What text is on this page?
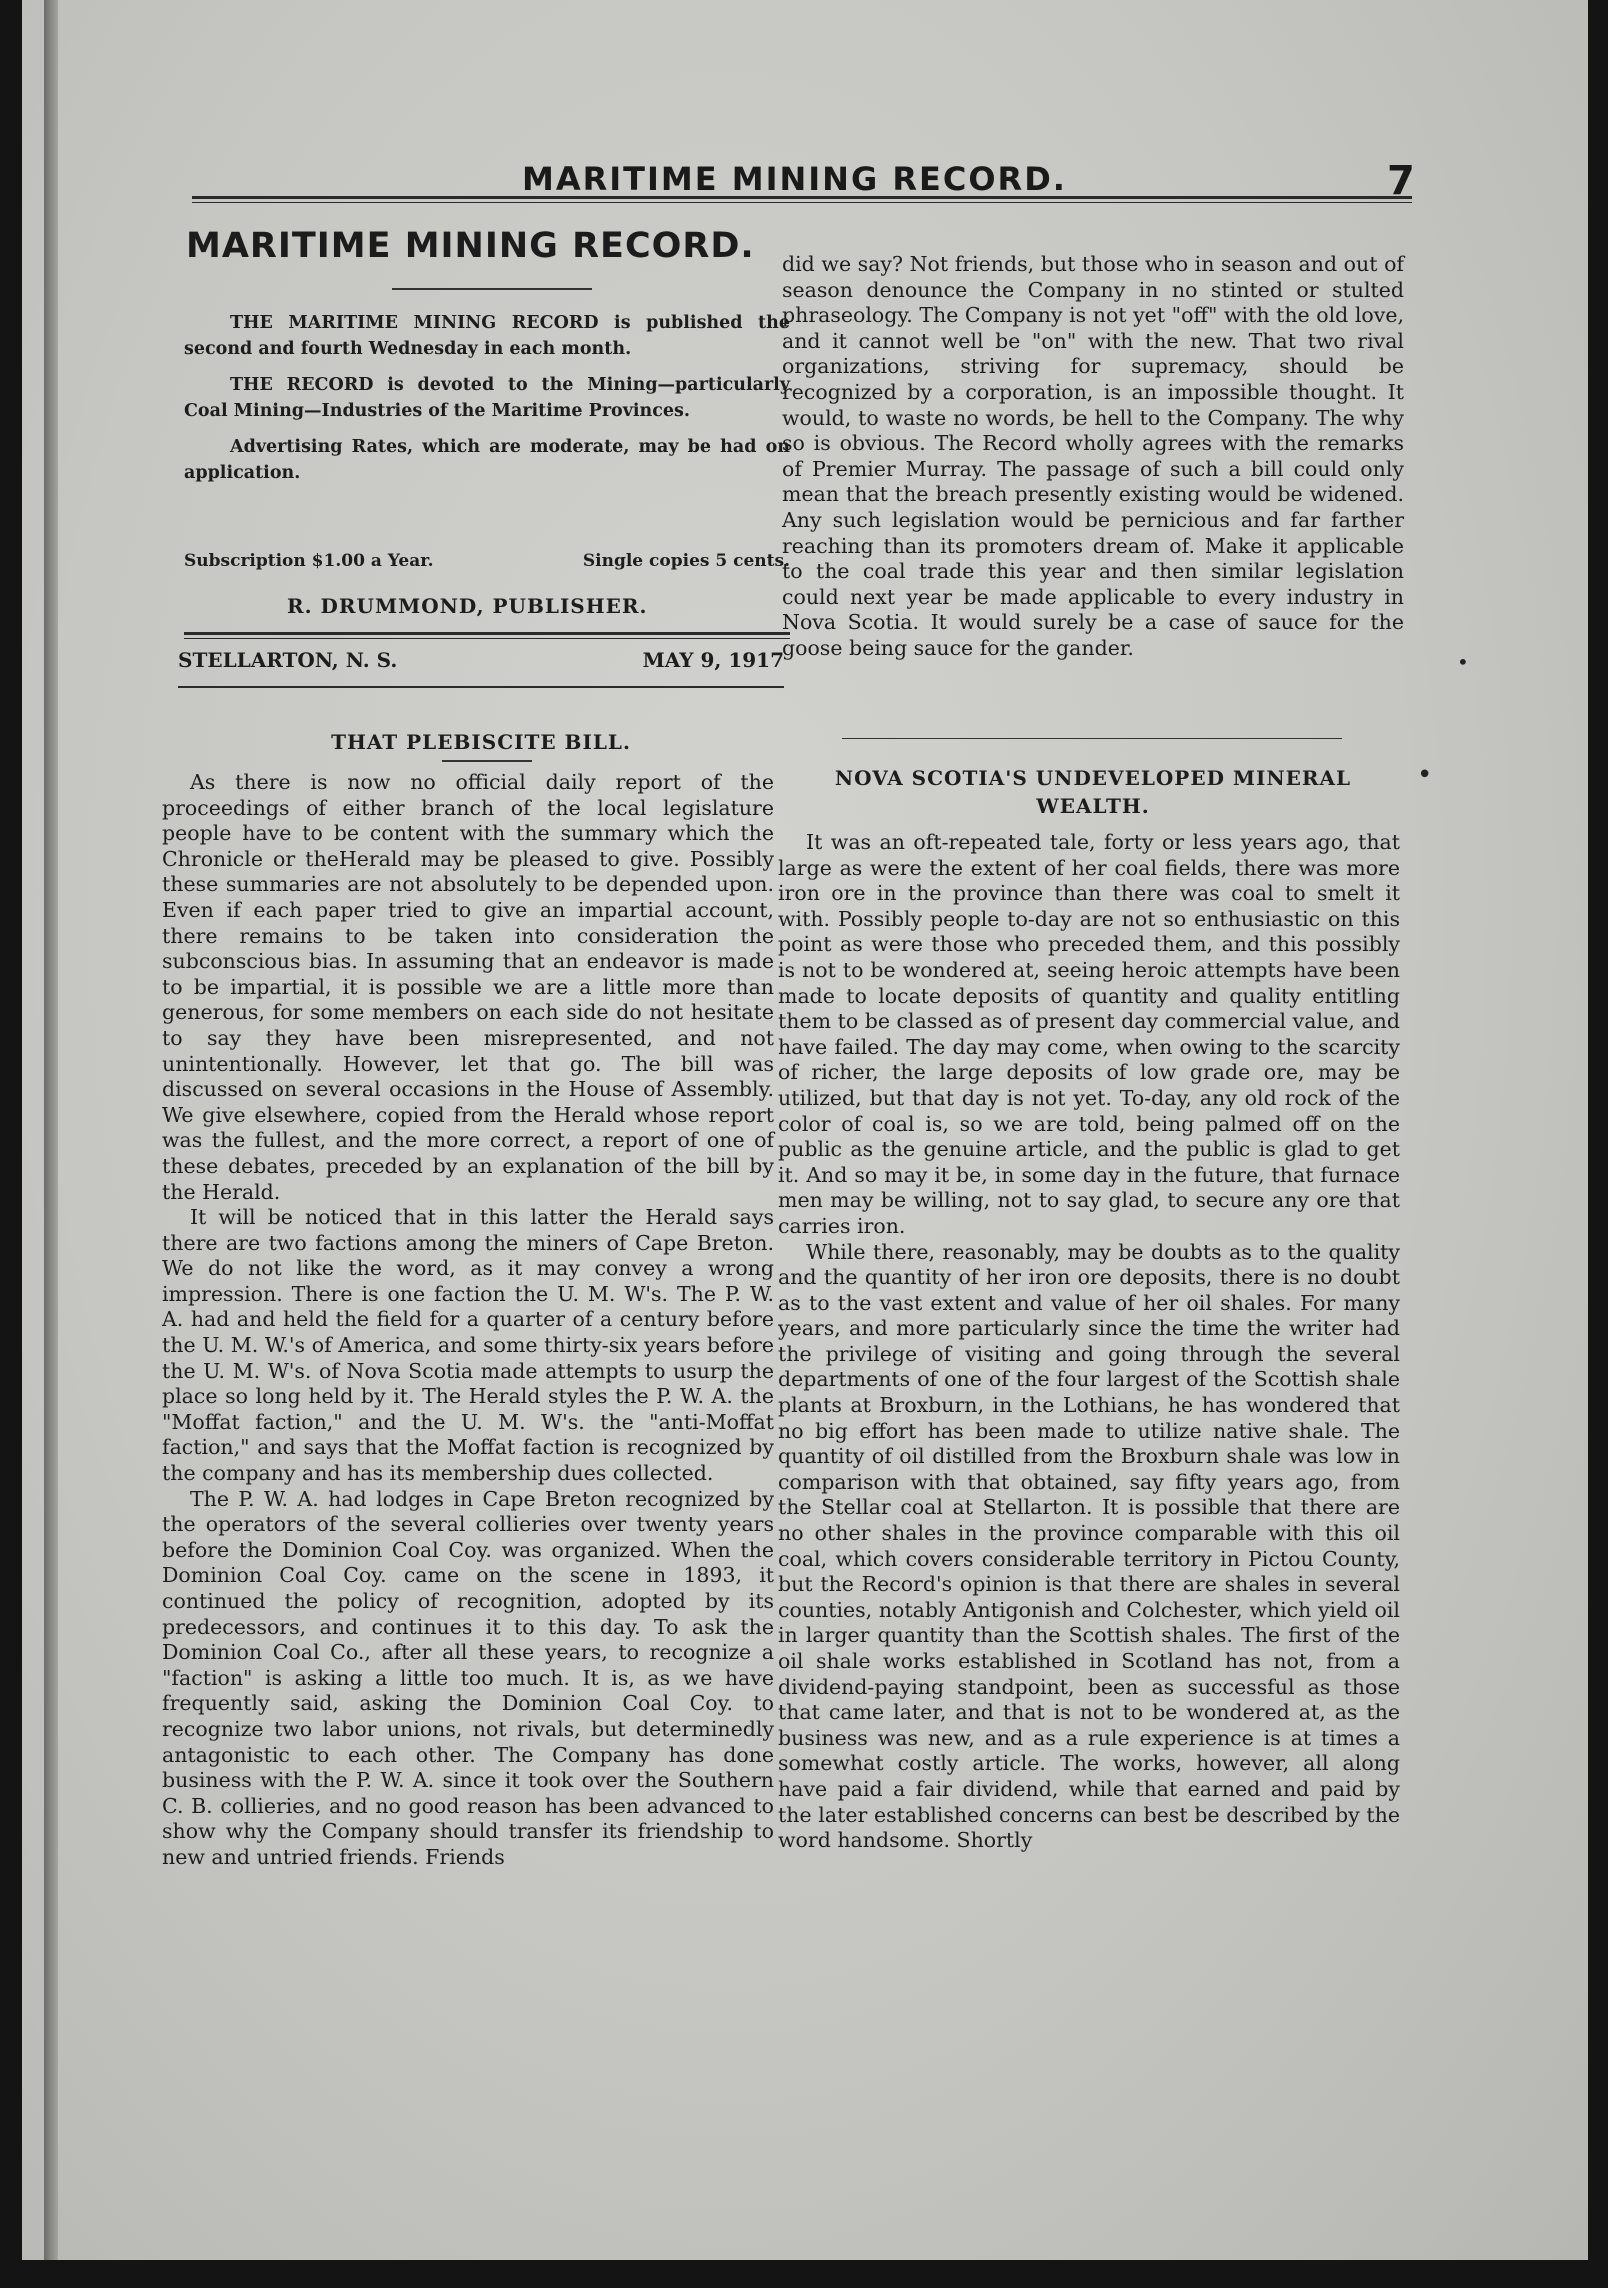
MARITIME MINING RECORD.	7
MARITIME MINING RECORD.

THE MARITIME MINING RECORD is published the second and fourth Wednesday in each month.

THE RECORD is devoted to the Mining—particularly Coal Mining—Industries of the Maritime Provinces.

Advertising Rates, which are moderate, may be had on application.

Subscription $1.00 a Year.	Single copies 5 cents.
R. DRUMMOND, PUBLISHER.
STELLARTON, N. S.	MAY 9, 1917
THAT PLEBISCITE BILL.

As there is now no official daily report of the proceedings of either branch of the local legislature people have to be content with the summary which the Chronicle or theHerald may be pleased to give. Possibly these summaries are not absolutely to be depended upon. Even if each paper tried to give an impartial account, there remains to be taken into consideration the subconscious bias. In assuming that an endeavor is made to be impartial, it is possible we are a little more than generous, for some members on each side do not hesitate to say they have been misrepresented, and not unintentionally. However, let that go. The bill was discussed on several occasions in the House of Assembly. We give elsewhere, copied from the Herald whose report was the fullest, and the more correct, a report of one of these debates, preceded by an explanation of the bill by the Herald.

It will be noticed that in this latter the Herald says there are two factions among the miners of Cape Breton. We do not like the word, as it may convey a wrong impression. There is one faction the U. M. W's. The P. W. A. had and held the field for a quarter of a century before the U. M. W.'s of America, and some thirty-six years before the U. M. W's. of Nova Scotia made attempts to usurp the place so long held by it. The Herald styles the P. W. A. the "Moffat faction," and the U. M. W's. the "anti-Moffat faction," and says that the Moffat faction is recognized by the company and has its membership dues collected.

The P. W. A. had lodges in Cape Breton recognized by the operators of the several collieries over twenty years before the Dominion Coal Coy. was organized. When the Dominion Coal Coy. came on the scene in 1893, it continued the policy of recognition, adopted by its predecessors, and continues it to this day. To ask the Dominion Coal Co., after all these years, to recognize a "faction" is asking a little too much. It is, as we have frequently said, asking the Dominion Coal Coy. to recognize two labor unions, not rivals, but determinedly antagonistic to each other. The Company has done business with the P. W. A. since it took over the Southern C. B. collieries, and no good reason has been advanced to show why the Company should transfer its friendship to new and untried friends. Friends

did we say? Not friends, but those who in season and out of season denounce the Company in no stinted or stulted phraseology. The Company is not yet "off" with the old love, and it cannot well be "on" with the new. That two rival organizations, striving for supremacy, should be recognized by a corporation, is an impossible thought. It would, to waste no words, be hell to the Company. The why so is obvious. The Record wholly agrees with the remarks of Premier Murray. The passage of such a bill could only mean that the breach presently existing would be widened. Any such legislation would be pernicious and far farther reaching than its promoters dream of. Make it applicable to the coal trade this year and then similar legislation could next year be made applicable to every industry in Nova Scotia. It would surely be a case of sauce for the goose being sauce for the gander.

NOVA SCOTIA'S UNDEVELOPED MINERAL
WEALTH.

It was an oft-repeated tale, forty or less years ago, that large as were the extent of her coal fields, there was more iron ore in the province than there was coal to smelt it with. Possibly people to-day are not so enthusiastic on this point as were those who preceded them, and this possibly is not to be wondered at, seeing heroic attempts have been made to locate deposits of quantity and quality entitling them to be classed as of present day commercial value, and have failed. The day may come, when owing to the scarcity of richer, the large deposits of low grade ore, may be utilized, but that day is not yet. To-day, any old rock of the color of coal is, so we are told, being palmed off on the public as the genuine article, and the public is glad to get it. And so may it be, in some day in the future, that furnace men may be willing, not to say glad, to secure any ore that carries iron.

While there, reasonably, may be doubts as to the quality and the quantity of her iron ore deposits, there is no doubt as to the vast extent and value of her oil shales. For many years, and more particularly since the time the writer had the privilege of visiting and going through the several departments of one of the four largest of the Scottish shale plants at Broxburn, in the Lothians, he has wondered that no big effort has been made to utilize native shale. The quantity of oil distilled from the Broxburn shale was low in comparison with that obtained, say fifty years ago, from the Stellar coal at Stellarton. It is possible that there are no other shales in the province comparable with this oil coal, which covers considerable territory in Pictou County, but the Record's opinion is that there are shales in several counties, notably Antigonish and Colchester, which yield oil in larger quantity than the Scottish shales. The first of the oil shale works established in Scotland has not, from a dividend-paying standpoint, been as successful as those that came later, and that is not to be wondered at, as the business was new, and as a rule experience is at times a somewhat costly article. The works, however, all along have paid a fair dividend, while that earned and paid by the later established concerns can best be described by the word handsome. Shortly

•
•
